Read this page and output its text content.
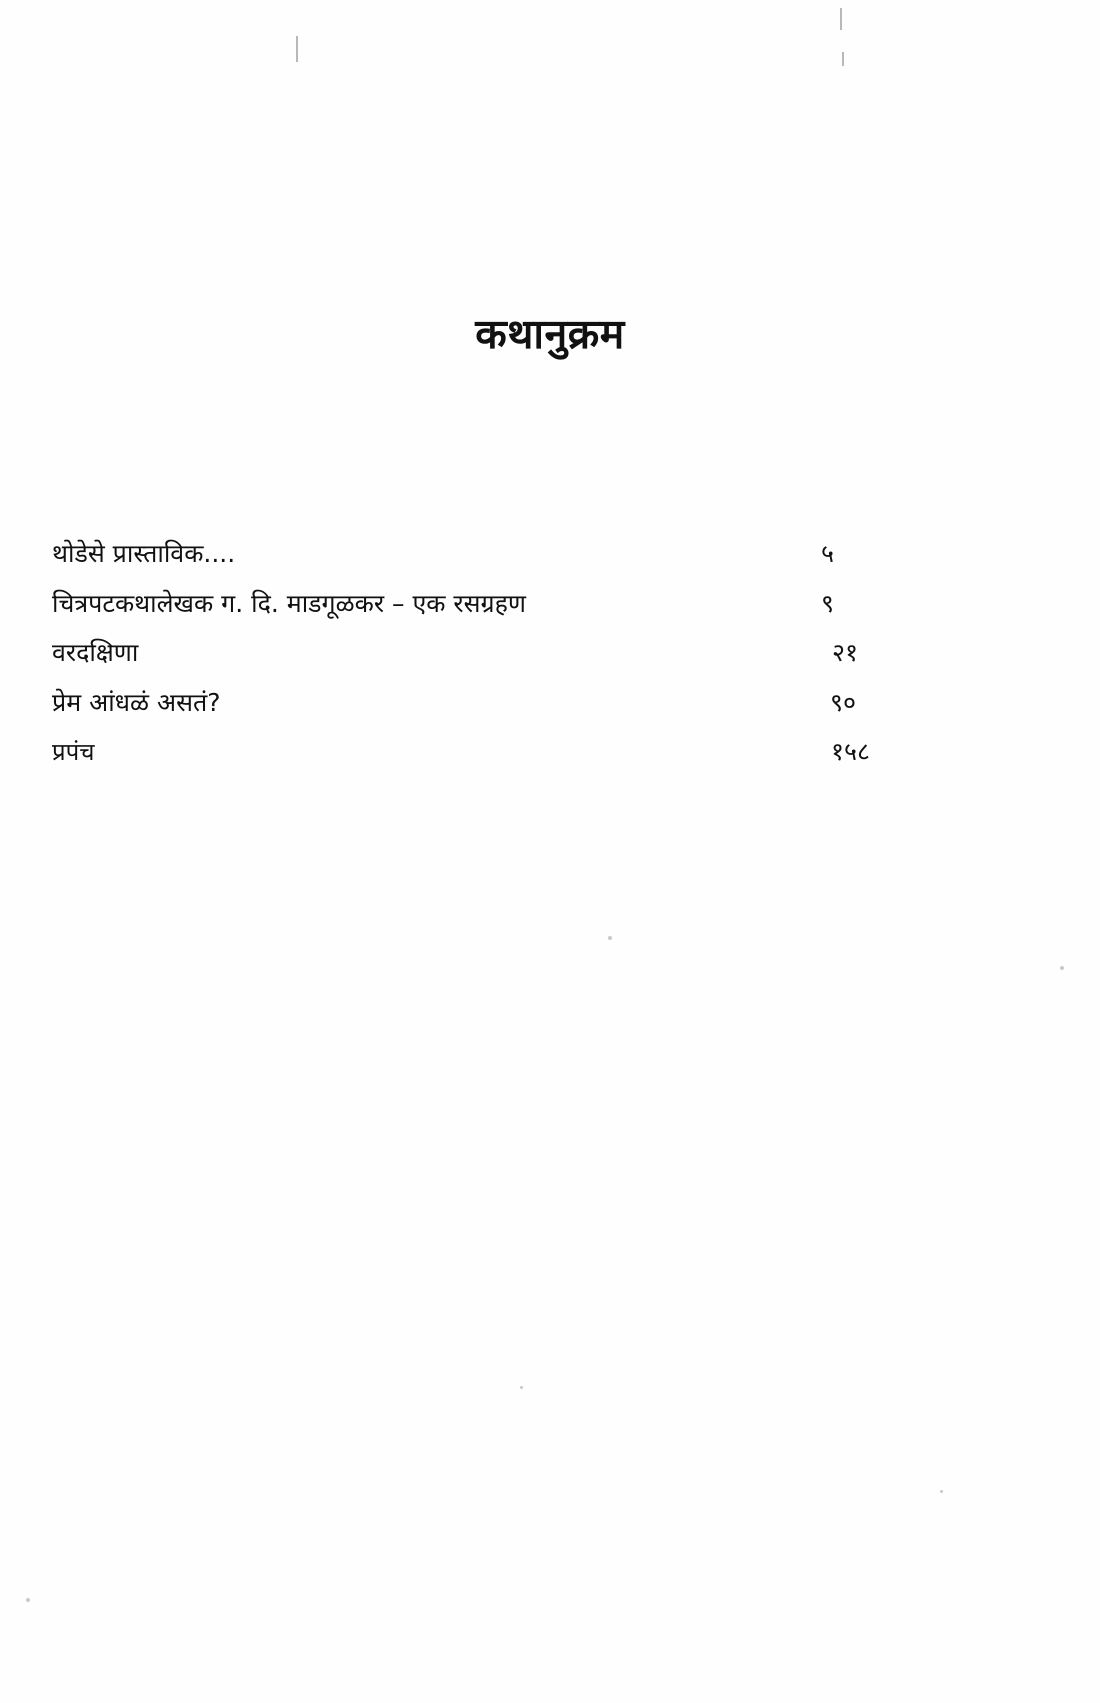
कथानुक्रम
थोडेसे प्रास्ताविक....	५
चित्रपटकथालेखक ग. दि. माडगूळकर – एक रसग्रहण	९
वरदक्षिणा	२१
प्रेम आंधळं असतं?	९०
प्रपंच	१५८
